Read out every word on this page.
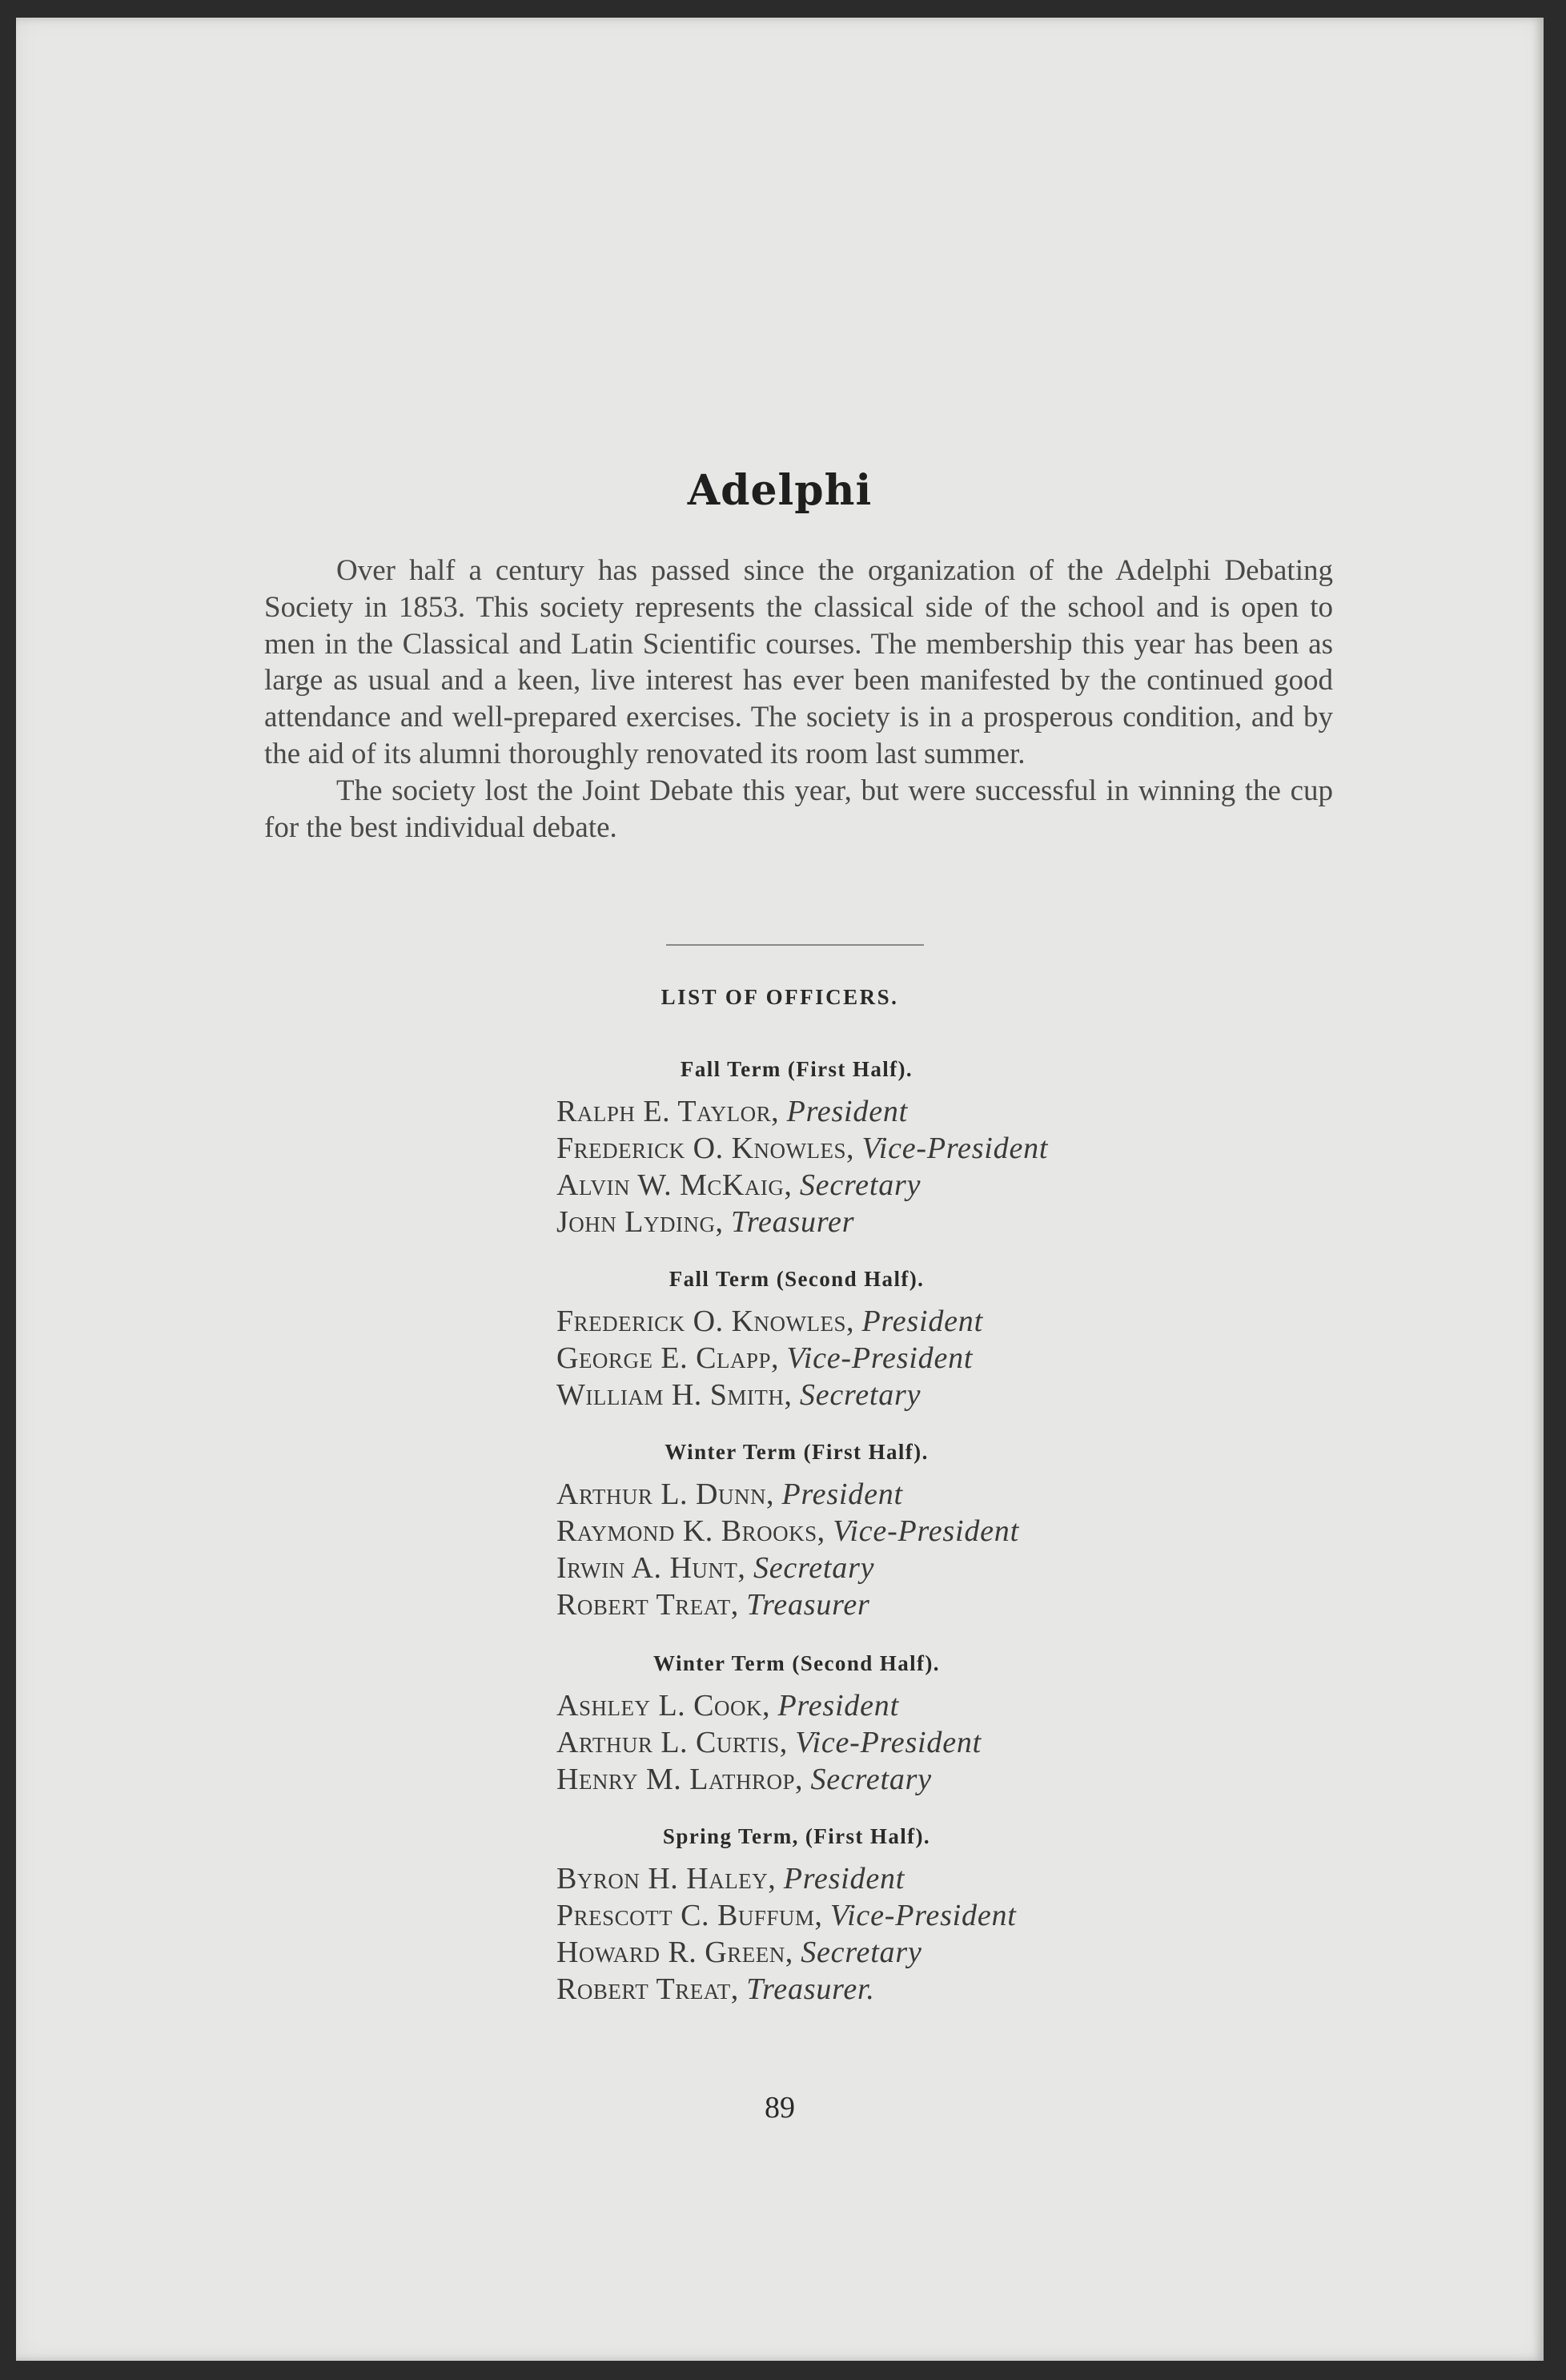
Adelphi

Over half a century has passed since the organization of the Adelphi Debating Society in 1853. This society represents the classical side of the school and is open to men in the Classical and Latin Scientific courses. The membership this year has been as large as usual and a keen, live interest has ever been manifested by the continued good attendance and well-prepared exercises. The society is in a prosperous condition, and by the aid of its alumni thoroughly renovated its room last summer.

The society lost the Joint Debate this year, but were successful in winning the cup for the best individual debate.

LIST OF OFFICERS.
Fall Term (First Half).
Ralph E. Taylor, President
Frederick O. Knowles, Vice-President
Alvin W. McKaig, Secretary
John Lyding, Treasurer
Fall Term (Second Half).
Frederick O. Knowles, President
George E. Clapp, Vice-President
William H. Smith, Secretary
Winter Term (First Half).
Arthur L. Dunn, President
Raymond K. Brooks, Vice-President
Irwin A. Hunt, Secretary
Robert Treat, Treasurer
Winter Term (Second Half).
Ashley L. Cook, President
Arthur L. Curtis, Vice-President
Henry M. Lathrop, Secretary
Spring Term, (First Half).
Byron H. Haley, President
Prescott C. Buffum, Vice-President
Howard R. Green, Secretary
Robert Treat, Treasurer.
89
